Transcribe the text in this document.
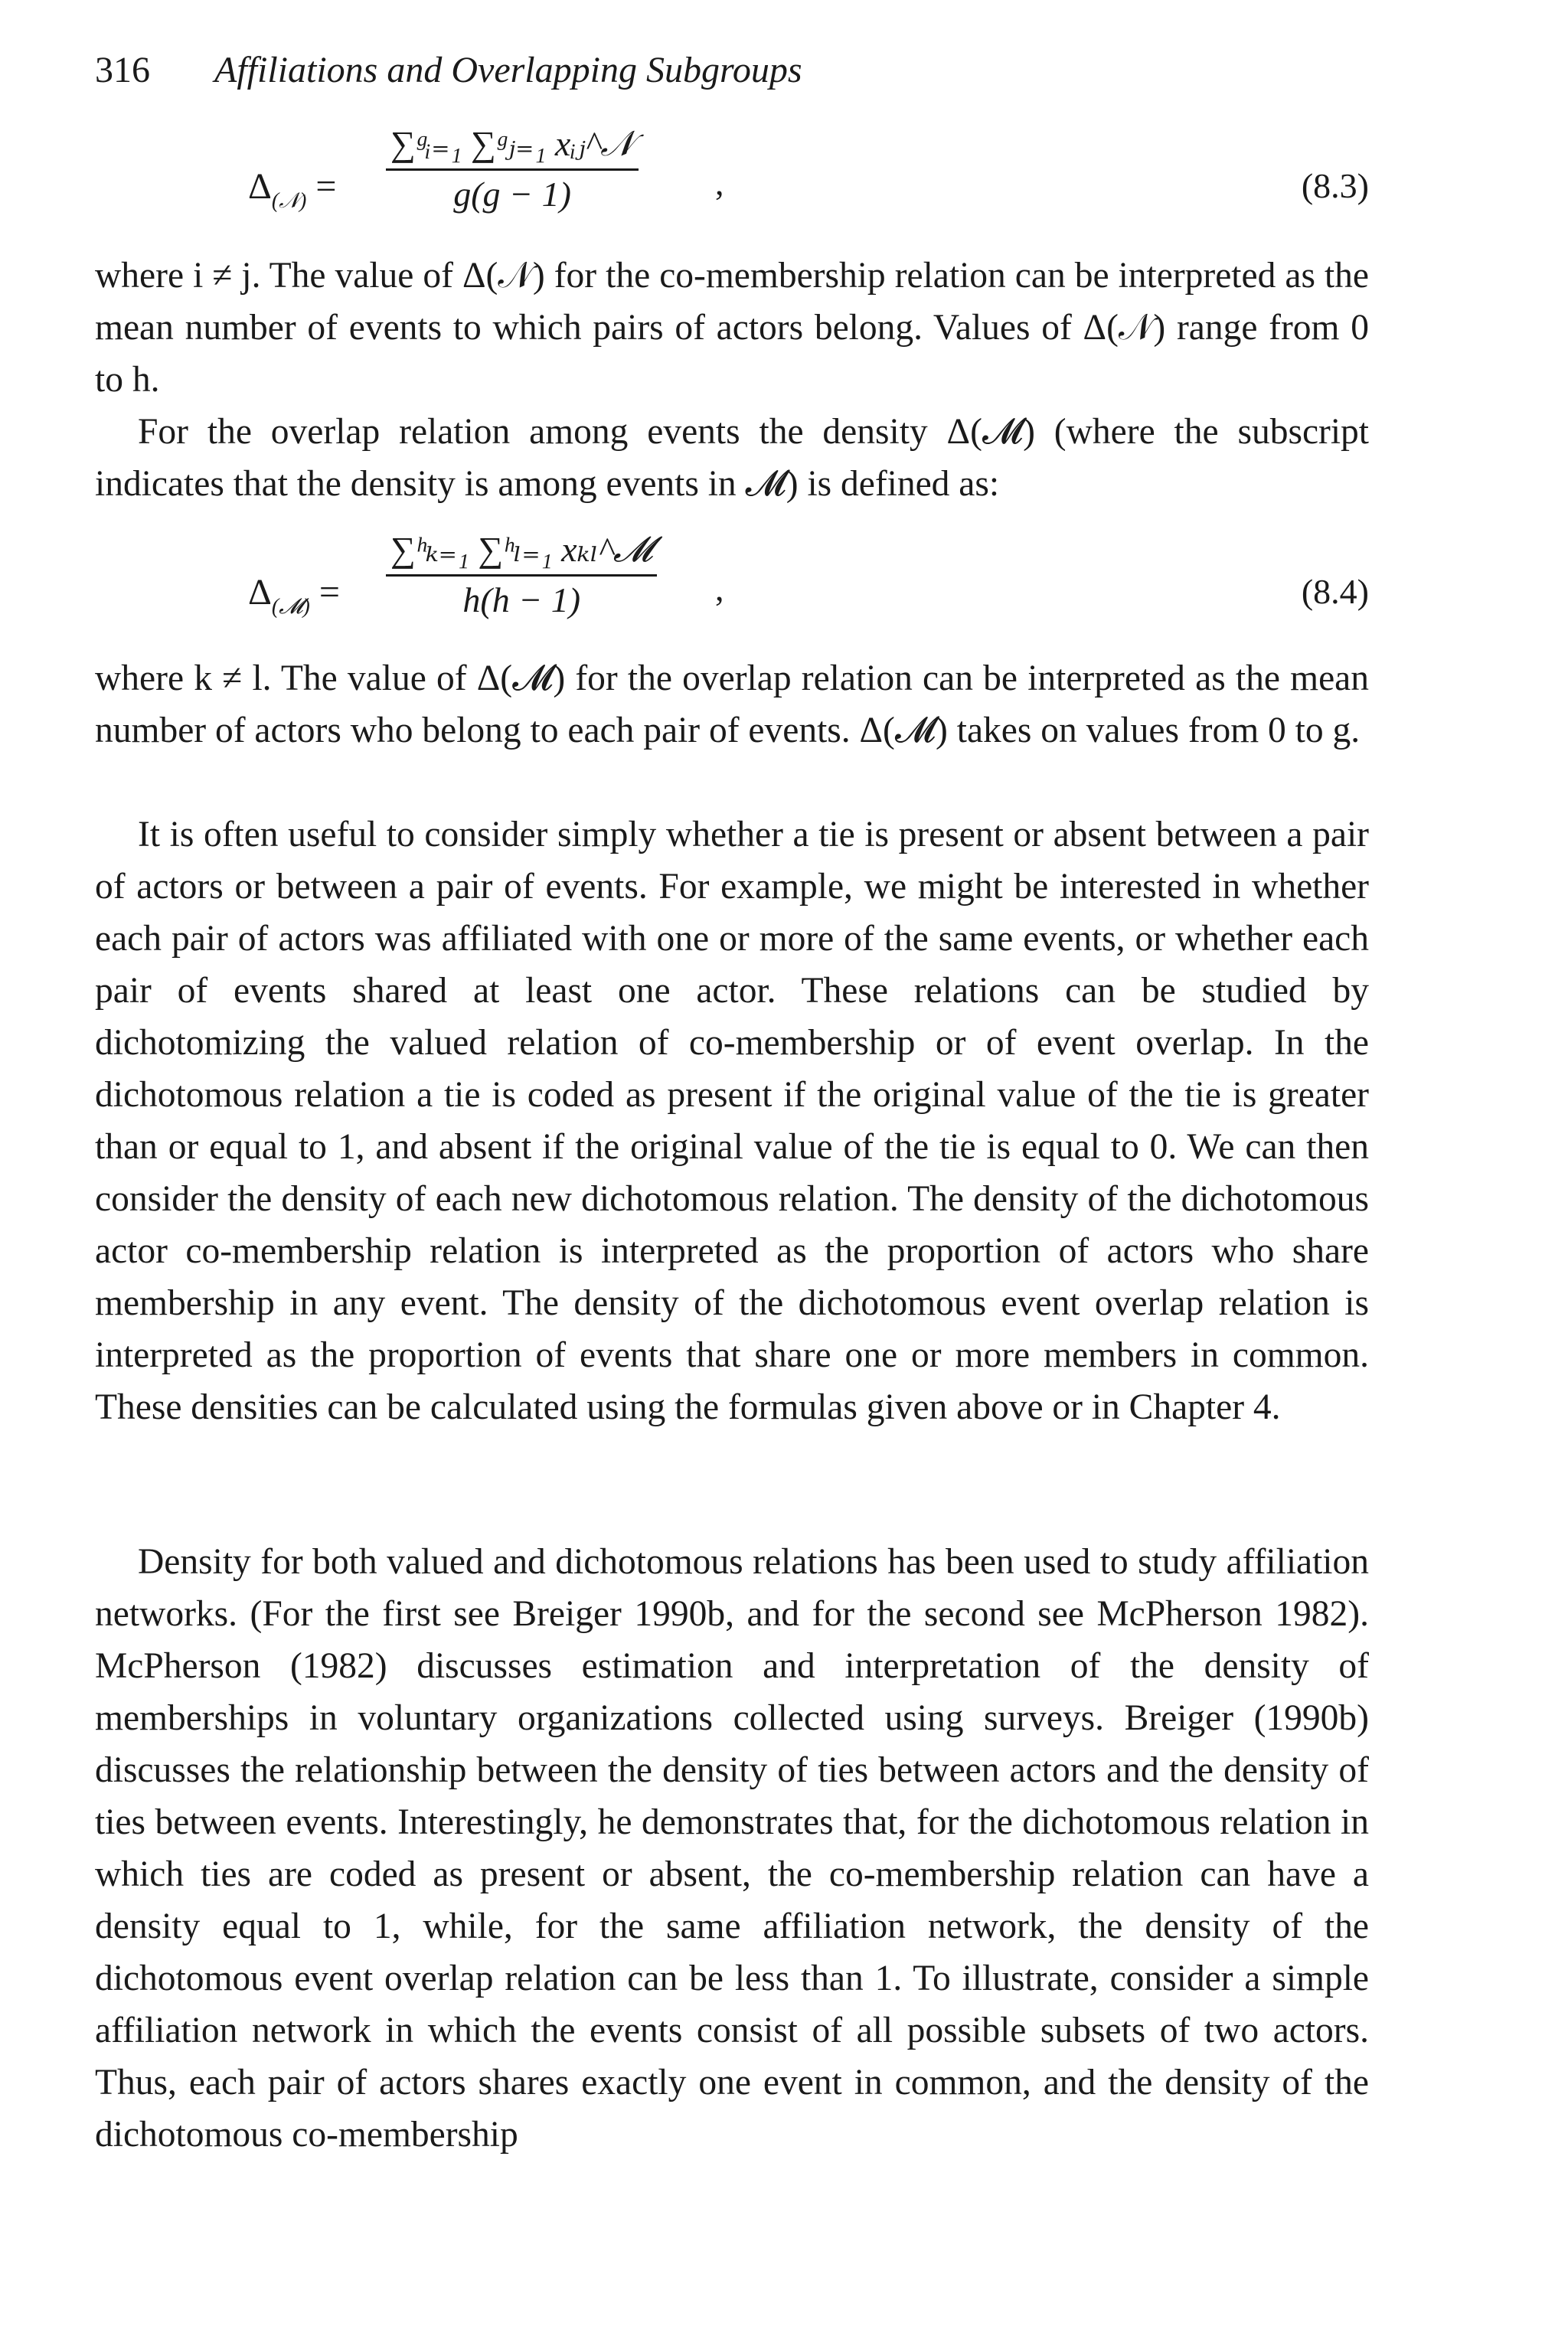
316 Affiliations and Overlapping Subgroups
$\Delta_{(𝒩)}$ =
∑ᵍᵢ₌₁ ∑ᵍⱼ₌₁ xᵢⱼ^𝒩
g(g − 1)	,	(8.3)

where i ≠ j. The value of Δ(𝒩) for the co-membership relation can be interpreted as the mean number of events to which pairs of actors belong. Values of Δ(𝒩) range from 0 to h.

For the overlap relation among events the density Δ(𝓜) (where the subscript indicates that the density is among events in 𝓜) is defined as:

$\Delta_{(𝓜)}$ =
∑ʰₖ₌₁ ∑ʰₗ₌₁ xₖₗ^𝓜
h(h − 1)	,	(8.4)

where k ≠ l. The value of Δ(𝓜) for the overlap relation can be interpreted as the mean number of actors who belong to each pair of events. Δ(𝓜) takes on values from 0 to g.

It is often useful to consider simply whether a tie is present or absent between a pair of actors or between a pair of events. For example, we might be interested in whether each pair of actors was affiliated with one or more of the same events, or whether each pair of events shared at least one actor. These relations can be studied by dichotomizing the valued relation of co-membership or of event overlap. In the dichotomous relation a tie is coded as present if the original value of the tie is greater than or equal to 1, and absent if the original value of the tie is equal to 0. We can then consider the density of each new dichotomous relation. The density of the dichotomous actor co-membership relation is interpreted as the proportion of actors who share membership in any event. The density of the dichotomous event overlap relation is interpreted as the proportion of events that share one or more members in common. These densities can be calculated using the formulas given above or in Chapter 4.

Density for both valued and dichotomous relations has been used to study affiliation networks. (For the first see Breiger 1990b, and for the second see McPherson 1982). McPherson (1982) discusses estimation and interpretation of the density of memberships in voluntary organizations collected using surveys. Breiger (1990b) discusses the relationship between the density of ties between actors and the density of ties between events. Interestingly, he demonstrates that, for the dichotomous relation in which ties are coded as present or absent, the co-membership relation can have a density equal to 1, while, for the same affiliation network, the density of the dichotomous event overlap relation can be less than 1. To illustrate, consider a simple affiliation network in which the events consist of all possible subsets of two actors. Thus, each pair of actors shares exactly one event in common, and the density of the dichotomous co-membership
